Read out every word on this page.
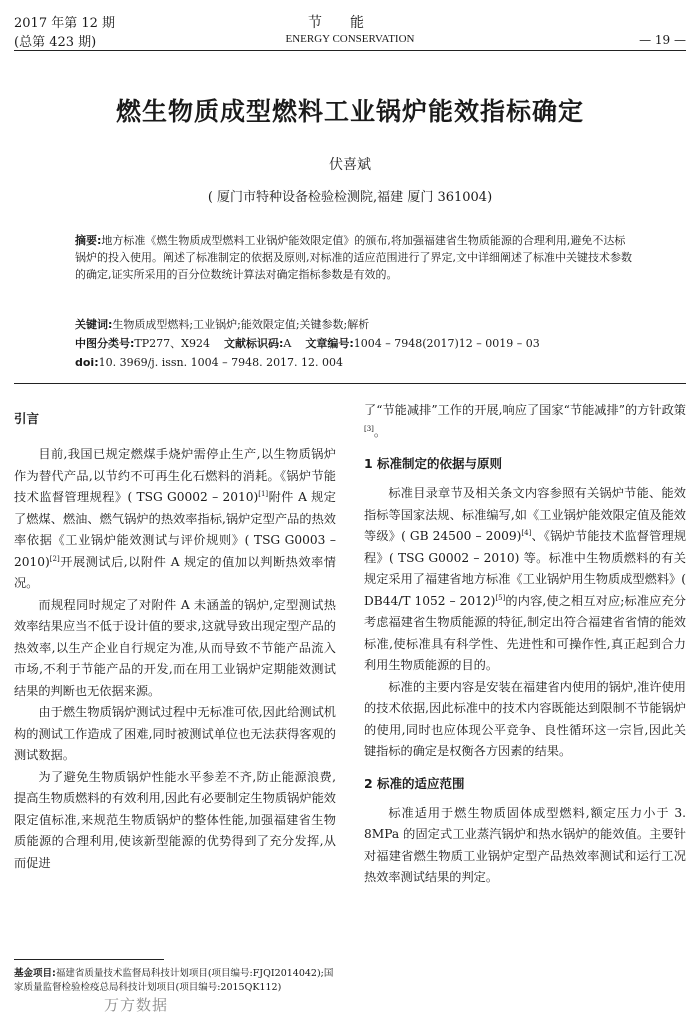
2017 年第 12 期
(总第 423 期)
节能
ENERGY CONSERVATION	— 19 —
燃生物质成型燃料工业锅炉能效指标确定
伏喜斌
( 厦门市特种设备检验检测院,福建 厦门 361004)
摘要:地方标准《燃生物质成型燃料工业锅炉能效限定值》的颁布,将加强福建省生物质能源的合理利用,避免不达标锅炉的投入使用。阐述了标准制定的依据及原则,对标准的适应范围进行了界定,文中详细阐述了标准中关键技术参数的确定,证实所采用的百分位数统计算法对确定指标参数是有效的。
关键词:生物质成型燃料;工业锅炉;能效限定值;关键参数;解析
中图分类号:TP277、X924 文献标识码:A 文章编号:1004 – 7948(2017)12 – 0019 – 03
doi:10. 3969/j. issn. 1004 – 7948. 2017. 12. 004
引言

目前,我国已规定燃煤手烧炉需停止生产,以生物质锅炉作为替代产品,以节约不可再生化石燃料的消耗。《锅炉节能技术监督管理规程》( TSG G0002 – 2010)[1]附件 A 规定了燃煤、燃油、燃气锅炉的热效率指标,锅炉定型产品的热效率依据《工业锅炉能效测试与评价规则》( TSG G0003 – 2010)[2]开展测试后,以附件 A 规定的值加以判断热效率情况。

而规程同时规定了对附件 A 未涵盖的锅炉,定型测试热效率结果应当不低于设计值的要求,这就导致出现定型产品的热效率,以生产企业自行规定为准,从而导致不节能产品流入市场,不利于节能产品的开发,而在用工业锅炉定期能效测试结果的判断也无依据来源。

由于燃生物质锅炉测试过程中无标准可依,因此给测试机构的测试工作造成了困难,同时被测试单位也无法获得客观的测试数据。

为了避免生物质锅炉性能水平参差不齐,防止能源浪费,提高生物质燃料的有效利用,因此有必要制定生物质锅炉能效限定值标准,来规范生物质锅炉的整体性能,加强福建省生物质能源的合理利用,使该新型能源的优势得到了充分发挥,从而促进

了“节能减排”工作的开展,响应了国家“节能减排”的方针政策[3]。

1 标准制定的依据与原则

标准目录章节及相关条文内容参照有关锅炉节能、能效指标等国家法规、标准编写,如《工业锅炉能效限定值及能效等级》( GB 24500 – 2009)[4]、《锅炉节能技术监督管理规程》( TSG G0002 – 2010) 等。标准中生物质燃料的有关规定采用了福建省地方标准《工业锅炉用生物质成型燃料》( DB44/T 1052 – 2012)[5]的内容,使之相互对应;标准应充分考虑福建省生物质能源的特征,制定出符合福建省省情的能效标准,使标准具有科学性、先进性和可操作性,真正起到合力利用生物质能源的目的。

标准的主要内容是安装在福建省内使用的锅炉,准许使用的技术依据,因此标准中的技术内容既能达到限制不节能锅炉的使用,同时也应体现公平竞争、良性循环这一宗旨,因此关键指标的确定是权衡各方因素的结果。

2 标准的适应范围

标准适用于燃生物质固体成型燃料,额定压力小于 3. 8MPa 的固定式工业蒸汽锅炉和热水锅炉的能效值。主要针对福建省燃生物质工业锅炉定型产品热效率测试和运行工况热效率测试结果的判定。

基金项目:福建省质量技术监督局科技计划项目(项目编号:FJQI2014042);国家质量监督检验检疫总局科技计划项目(项目编号:2015QK112)
万方数据
